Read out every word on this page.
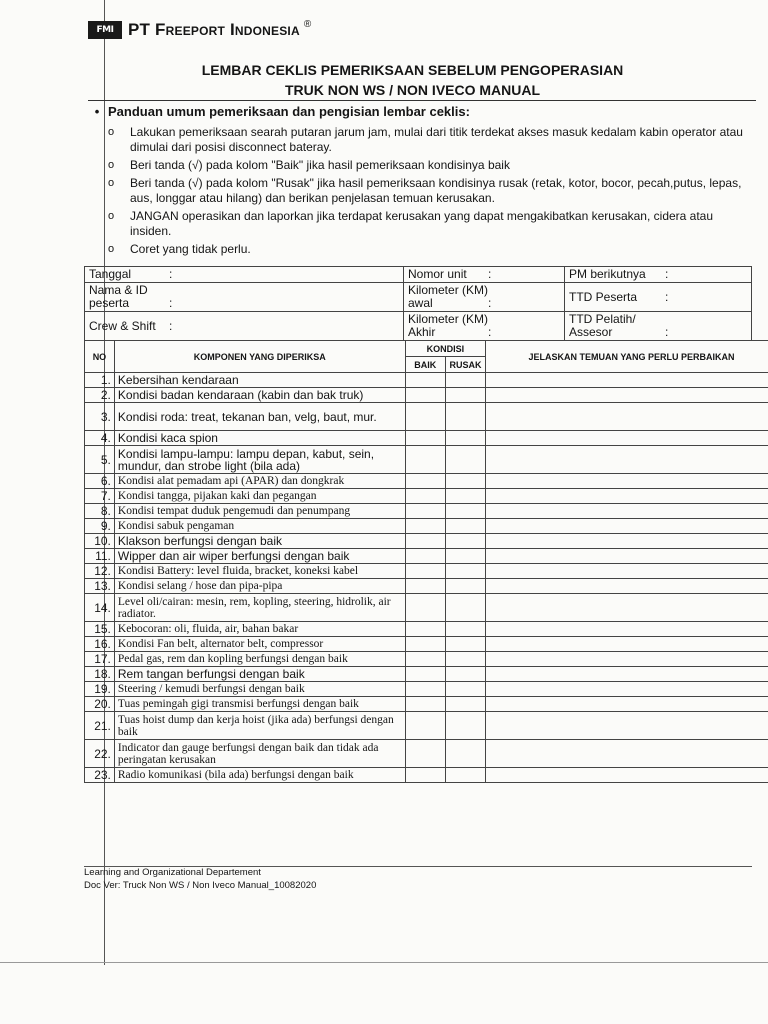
FMI PT Freeport Indonesia ®
LEMBAR CEKLIS PEMERIKSAAN SEBELUM PENGOPERASIAN
TRUK NON WS / NON IVECO MANUAL
• Panduan umum pemeriksaan dan pengisian lembar ceklis:
o	Lakukan pemeriksaan searah putaran jarum jam, mulai dari titik terdekat akses masuk kedalam kabin operator atau dimulai dari posisi disconnect bateray.
o	Beri tanda (√) pada kolom "Baik" jika hasil pemeriksaan kondisinya baik
o	Beri tanda (√) pada kolom "Rusak" jika hasil pemeriksaan kondisinya rusak (retak, kotor, bocor, pecah,putus, lepas, aus, longgar atau hilang) dan berikan penjelasan temuan kerusakan.
o	JANGAN operasikan dan laporkan jika terdapat kerusakan yang dapat mengakibatkan kerusakan, cidera atau insiden.
o	Coret yang tidak perlu.
Tanggal :	Nomor unit :	PM berikutnya :
Nama & ID peserta :	Kilometer (KM) awal :	TTD Peserta :
Crew & Shift :	Kilometer (KM) Akhir :	TTD Pelatih/ Assesor :
NO	KOMPONEN YANG DIPERIKSA	KONDISI		JELASKAN TEMUAN YANG PERLU PERBAIKAN
		BAIK	RUSAK	
1.	Kebersihan kendaraan			
2.	Kondisi badan kendaraan (kabin dan bak truk)			
3.	Kondisi roda: treat, tekanan ban, velg, baut, mur.			
4.	Kondisi kaca spion			
5.	Kondisi lampu-lampu: lampu depan, kabut, sein, mundur, dan strobe light (bila ada)			
6.	Kondisi alat pemadam api (APAR) dan dongkrak			
7.	Kondisi tangga, pijakan kaki dan pegangan			
8.	Kondisi tempat duduk pengemudi dan penumpang			
9.	Kondisi sabuk pengaman			
10.	Klakson berfungsi dengan baik			
11.	Wipper dan air wiper berfungsi dengan baik			
12.	Kondisi Battery: level fluida, bracket, koneksi kabel			
13.	Kondisi selang / hose dan pipa-pipa			
14.	Level oli/cairan: mesin, rem, kopling, steering, hidrolik, air radiator.			
15.	Kebocoran: oli, fluida, air, bahan bakar			
16.	Kondisi Fan belt, alternator belt, compressor			
17.	Pedal gas, rem dan kopling berfungsi dengan baik			
18.	Rem tangan berfungsi dengan baik			
19.	Steering / kemudi berfungsi dengan baik			
20.	Tuas pemingah gigi transmisi berfungsi dengan baik			
21.	Tuas hoist dump dan kerja hoist (jika ada) berfungsi dengan baik			
22.	Indicator dan gauge berfungsi dengan baik dan tidak ada peringatan kerusakan			
23.	Radio komunikasi (bila ada) berfungsi dengan baik			
Learning and Organizational Departement
Doc Ver: Truck Non WS / Non Iveco Manual_10082020
